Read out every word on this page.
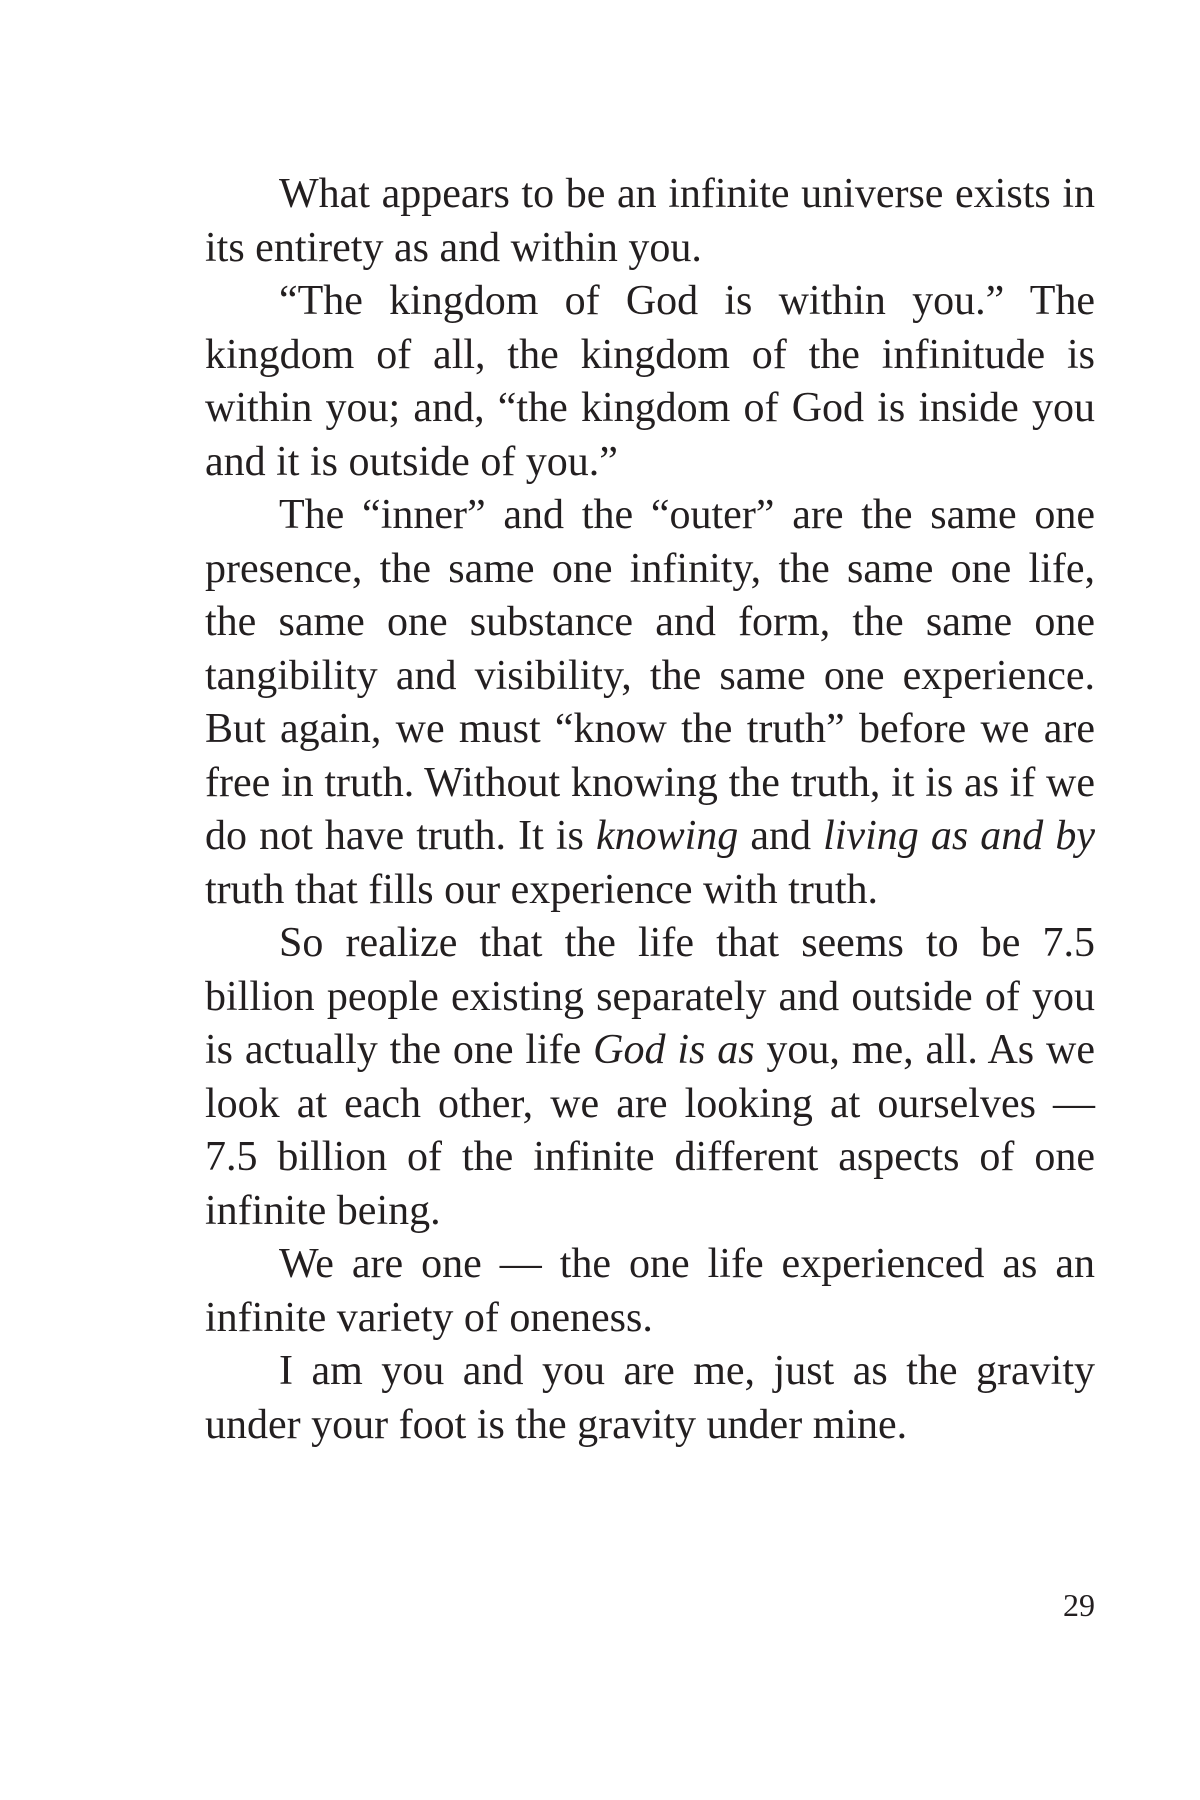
What appears to be an infinite universe exists in its entirety as and within you.

“The kingdom of God is within you.” The kingdom of all, the kingdom of the infinitude is within you; and, “the kingdom of God is inside you and it is outside of you.”

The “inner” and the “outer” are the same one presence, the same one infinity, the same one life, the same one substance and form, the same one tangibility and visibility, the same one experience. But again, we must “know the truth” before we are free in truth. Without knowing the truth, it is as if we do not have truth. It is knowing and living as and by truth that fills our experience with truth.

So realize that the life that seems to be 7.5 billion people existing separately and outside of you is actually the one life God is as you, me, all. As we look at each other, we are looking at ourselves — 7.5 billion of the infinite different aspects of one infinite being.

We are one — the one life experienced as an infinite variety of oneness.

I am you and you are me, just as the gravity under your foot is the gravity under mine.

29
